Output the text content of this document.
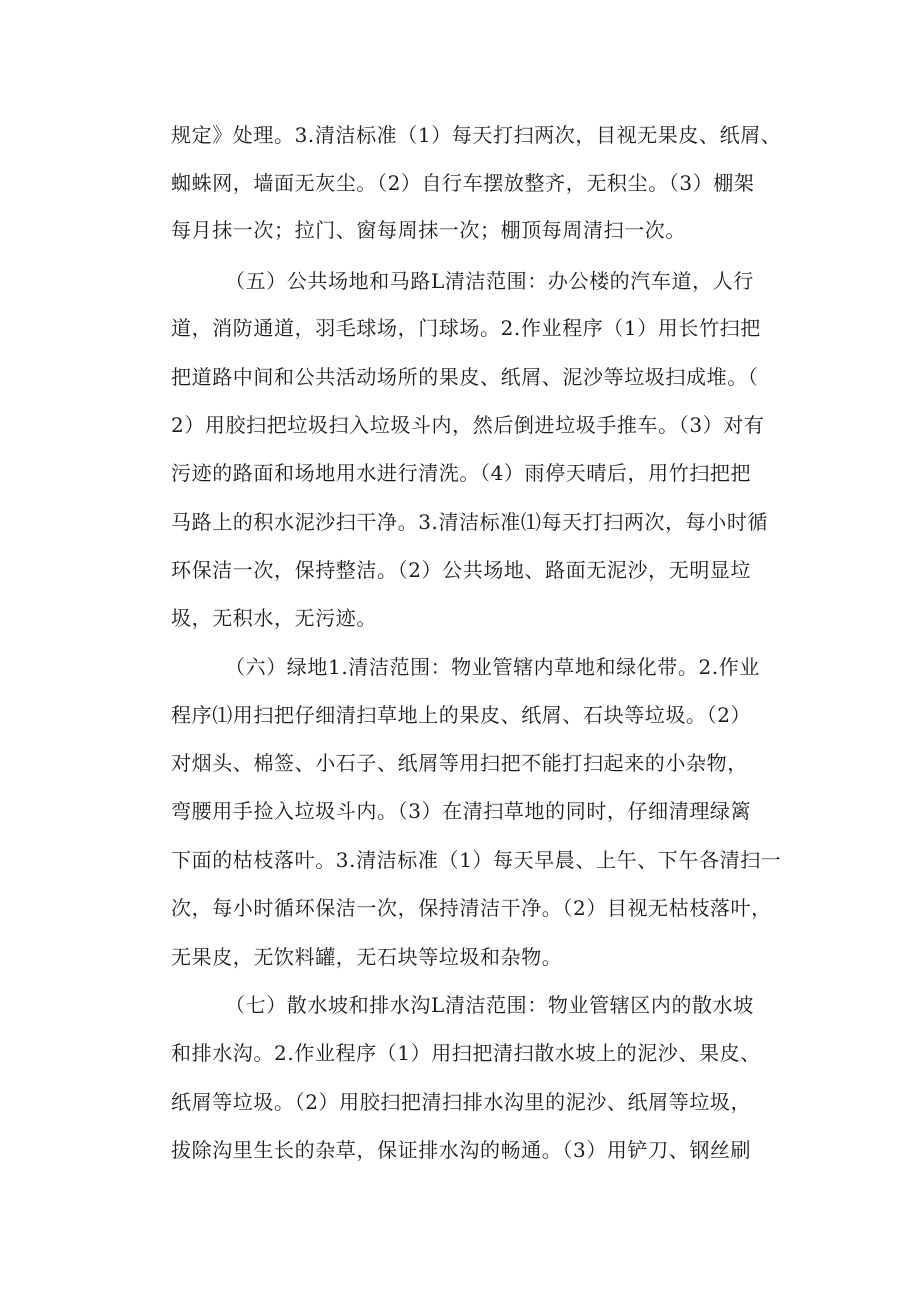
规定》处理。3.清洁标准（1）每天打扫两次，目视无果皮、纸屑、
蜘蛛网，墙面无灰尘。（2）自行车摆放整齐，无积尘。（3）棚架
每月抹一次；拉门、窗每周抹一次；棚顶每周清扫一次。
（五）公共场地和马路L清洁范围：办公楼的汽车道，人行
道，消防通道，羽毛球场，门球场。2.作业程序（1）用长竹扫把
把道路中间和公共活动场所的果皮、纸屑、泥沙等垃圾扫成堆。（
2）用胶扫把垃圾扫入垃圾斗内，然后倒进垃圾手推车。（3）对有
污迹的路面和场地用水进行清洗。（4）雨停天晴后，用竹扫把把
马路上的积水泥沙扫干净。3.清洁标准⑴每天打扫两次，每小时循
环保洁一次，保持整洁。（2）公共场地、路面无泥沙，无明显垃
圾，无积水，无污迹。
（六）绿地1.清洁范围：物业管辖内草地和绿化带。2.作业
程序⑴用扫把仔细清扫草地上的果皮、纸屑、石块等垃圾。（2）
对烟头、棉签、小石子、纸屑等用扫把不能打扫起来的小杂物，
弯腰用手捡入垃圾斗内。（3）在清扫草地的同时，仔细清理绿篱
下面的枯枝落叶。3.清洁标准（1）每天早晨、上午、下午各清扫一
次，每小时循环保洁一次，保持清洁干净。（2）目视无枯枝落叶，
无果皮，无饮料罐，无石块等垃圾和杂物。
（七）散水坡和排水沟L清洁范围：物业管辖区内的散水坡
和排水沟。2.作业程序（1）用扫把清扫散水坡上的泥沙、果皮、
纸屑等垃圾。（2）用胶扫把清扫排水沟里的泥沙、纸屑等垃圾，
拔除沟里生长的杂草，保证排水沟的畅通。（3）用铲刀、钢丝刷
